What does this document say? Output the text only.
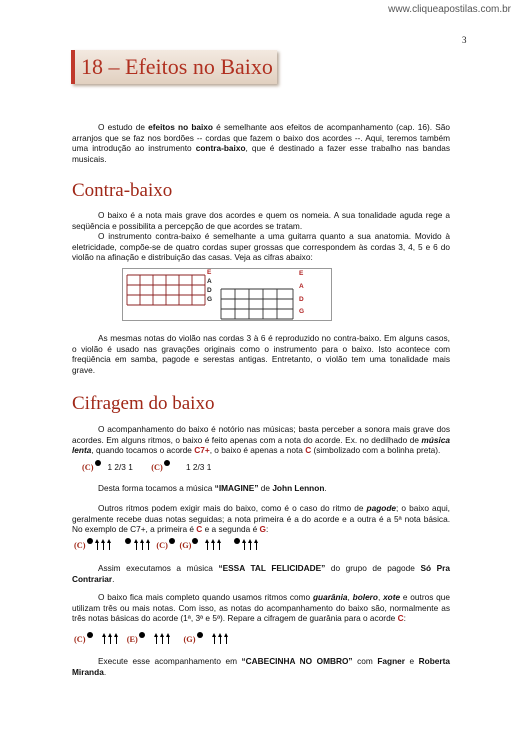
www.cliqueapostilas.com.br
3
18 – Efeitos no Baixo
O estudo de efeitos no baixo é semelhante aos efeitos de acompanhamento (cap. 16). São arranjos que se faz nos bordões -- cordas que fazem o baixo dos acordes --. Aqui, teremos também uma introdução ao instrumento contra-baixo, que é destinado a fazer esse trabalho nas bandas musicais.
Contra-baixo
O baixo é a nota mais grave dos acordes e quem os nomeia. A sua tonalidade aguda rege a seqüência e possibilita a percepção de que acordes se tratam.
O instrumento contra-baixo é semelhante a uma guitarra quanto a sua anatomia. Movido à eletricidade, compõe-se de quatro cordas super grossas que correspondem às cordas 3, 4, 5 e 6 do violão na afinação e distribuição das casas. Veja as cifras abaixo:
E
A
D
G
E
A
D
G
As mesmas notas do violão nas cordas 3 à 6 é reproduzido no contra-baixo. Em alguns casos, o violão é usado nas gravações originais como o instrumento para o baixo. Isto acontece com freqüência em samba, pagode e serestas antigas. Entretanto, o violão tem uma tonalidade mais grave.
Cifragem do baixo
O acompanhamento do baixo é notório nas músicas; basta perceber a sonora mais grave dos acordes. Em alguns ritmos, o baixo é feito apenas com a nota do acorde. Ex. no dedilhado de música lenta, quando tocamos o acorde C7+, o baixo é apenas a nota C (simbolizado com a bolinha preta).
(C) 1 2/3 1 (C)	1 2/3 1
Desta forma tocamos a música “IMAGINE” de John Lennon.
Outros ritmos podem exigir mais do baixo, como é o caso do ritmo de pagode; o baixo aqui, geralmente recebe duas notas seguidas; a nota primeira é a do acorde e a outra é a 5ª nota básica. No exemplo de C7+, a primeira é C e a segunda é G:
(C)	(C) (G)
Assim executamos a música “ESSA TAL FELICIDADE” do grupo de pagode Só Pra Contrariar.
O baixo fica mais completo quando usamos ritmos como guarânia, bolero, xote e outros que utilizam três ou mais notas. Com isso, as notas do acompanhamento do baixo são, normalmente as três notas básicas do acorde (1ª, 3ª e 5ª). Repare a cifragem de guarânia para o acorde C:
(C)	(E)	(G)
Execute esse acompanhamento em “CABECINHA NO OMBRO” com Fagner e Roberta Miranda.
